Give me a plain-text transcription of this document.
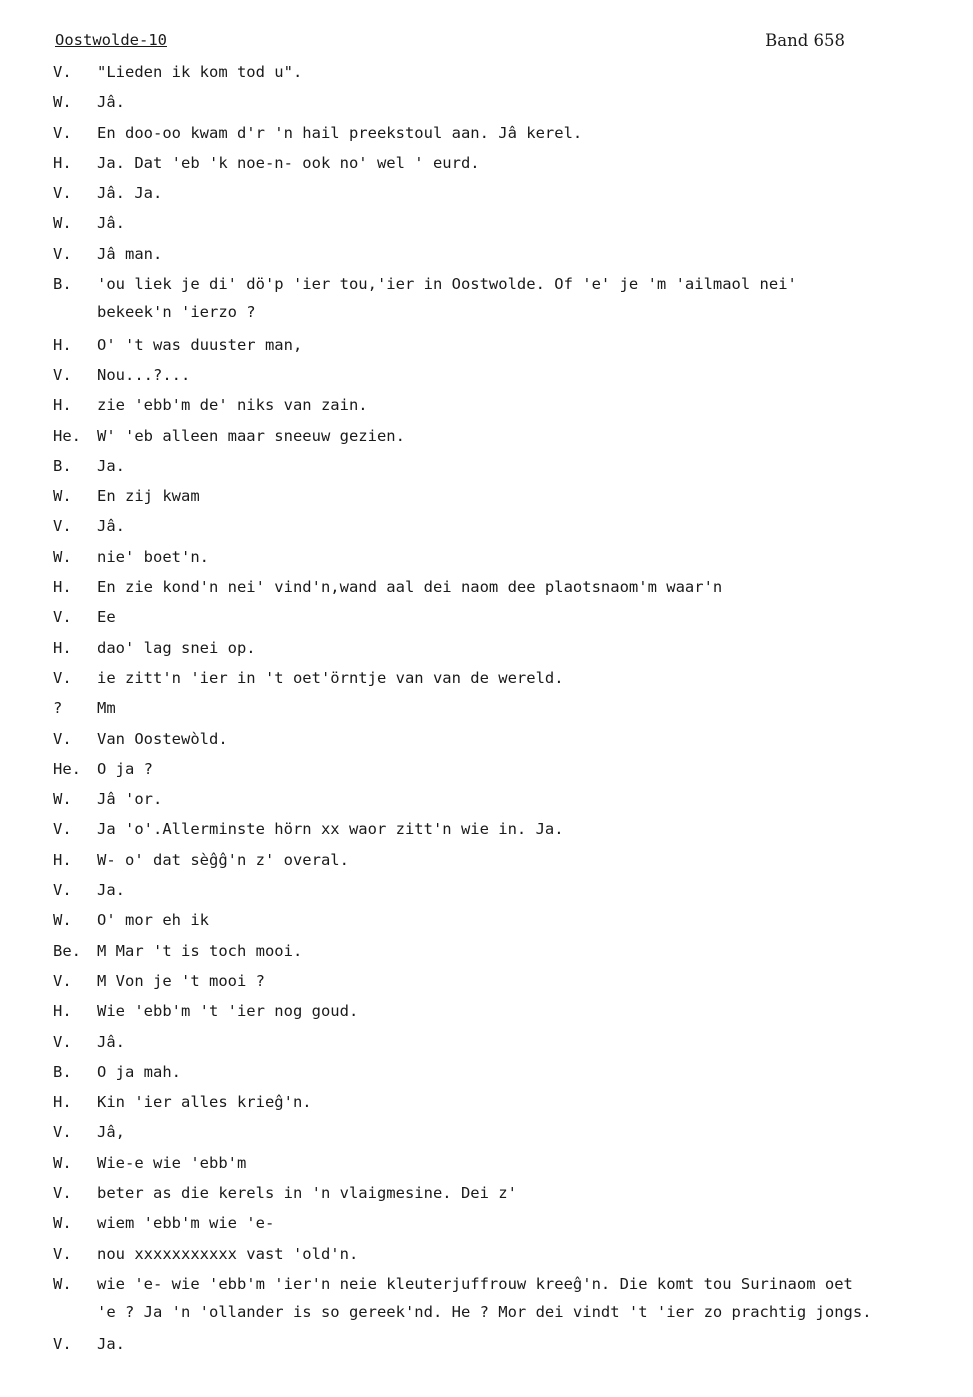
Oostwolde-10	Band 658
V.	"Lieden ik kom tod u".
W.	Jâ.
V.	En doo-oo kwam d'r 'n hail preekstoul aan. Jâ kerel.
H.	Ja. Dat 'eb 'k noe-n- ook no' wel ' eurd.
V.	Jâ. Ja.
W.	Jâ.
V.	Jâ man.
B.	'ou liek je di' dö'p 'ier tou,'ier in Oostwolde. Of 'e' je 'm 'ailmaol nei'
bekeek'n 'ierzo ?
H.	O' 't was duuster man,
V.	Nou...?...
H.	zie 'ebb'm de' niks van zain.
He.	W' 'eb alleen maar sneeuw gezien.
B.	Ja.
W.	En zij kwam
V.	Jâ.
W.	nie' boet'n.
H.	En zie kond'n nei' vind'n,wand aal dei naom dee plaotsnaom'm waar'n
V.	Ee
H.	dao' lag snei op.
V.	ie zitt'n 'ier in 't oet'örntje van van de wereld.
?	Mm
V.	Van Oostewòld.
He.	O ja ?
W.	Jâ 'or.
V.	Ja 'o'.Allerminste hörn xx waor zitt'n wie in. Ja.
H.	W- o' dat sèĝĝ'n z' overal.
V.	Ja.
W.	O' mor eh ik
Be.	M Mar 't is toch mooi.
V.	M Von je 't mooi ?
H.	Wie 'ebb'm 't 'ier nog goud.
V.	Jâ.
B.	O ja mah.
H.	Kin 'ier alles krieĝ'n.
V.	Jâ,
W.	Wie-e wie 'ebb'm
V.	beter as die kerels in 'n vlaigmesine. Dei z'
W.	wiem 'ebb'm wie 'e-
V.	nou xxxxxxxxxxx vast 'old'n.
W.	wie 'e- wie 'ebb'm 'ier'n neie kleuterjuffrouw kreeĝ'n. Die komt tou Surinaom oet
'e ? Ja 'n 'ollander is so gereek'nd. He ? Mor dei vindt 't 'ier zo prachtig jongs.
V.	Ja.
